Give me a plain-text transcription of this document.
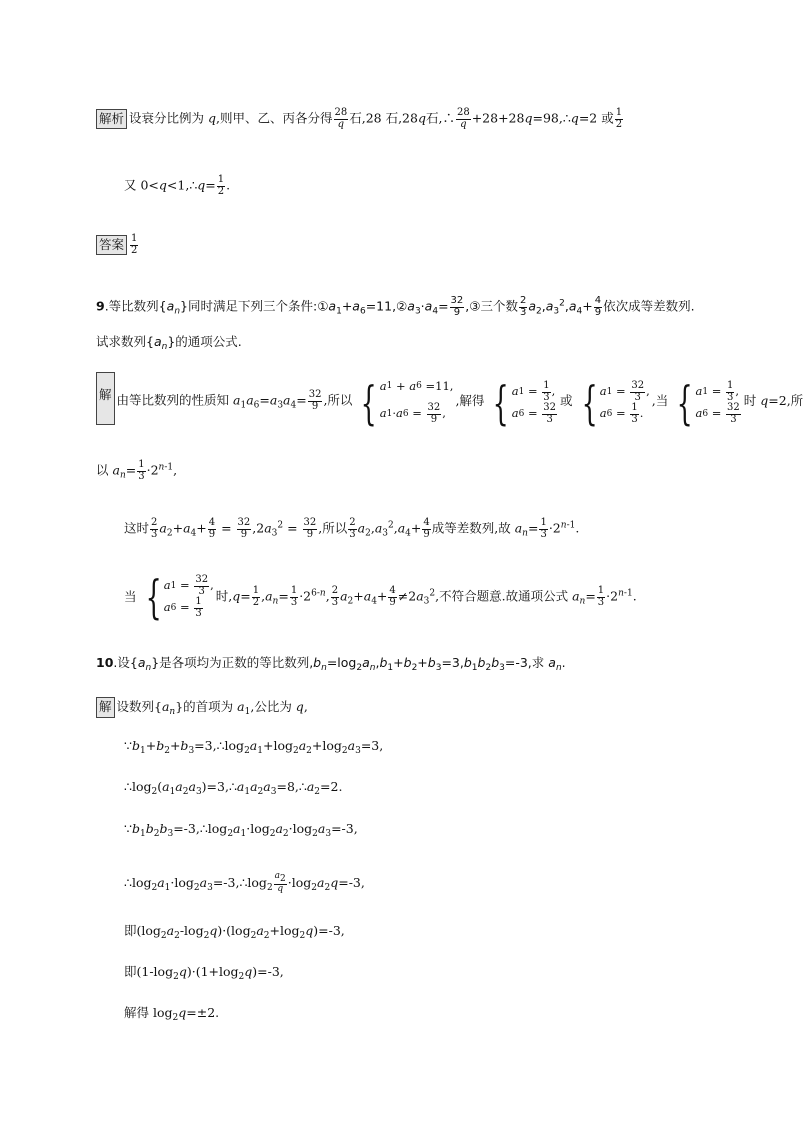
解析 设衰分比例为 q,则甲、乙、丙各分得 $\frac{28}{q}$ 石,28 石,28q石,∴ $\frac{28}{q}$ +28+28q=98,∴q=2 或 $\frac{1}{2}$
又 0<q<1,∴q= $\frac{1}{2}$ .
答案 $\frac{1}{2}$
9.等比数列$\{a_n\}$同时满足下列三个条件$:①a_1+a_6=11,②a_3\cdot a_4= \frac{32}{9}$ ,③三个数 $\frac{2}{3} a_2,a_3^2,a_4+ \frac{4}{9}$ 依次成等差数列.
试求数列$\{a_n\}$的通项公式.
解 由等比数列的性质知 $a_1a_6=a_3a_4= \frac{32}{9}$ ,所以 { a 1 + a 6
=11,
a 1 · a $6 = \frac{32}{9}$ ,
,解得 { a $1 = \frac{1}{3}$ ,
a $6 = \frac{32}{3}$
或 { a $1 = \frac{32}{3}$ ,
a $6 = \frac{1}{3}$ .
,当 { a $1 = \frac{1}{3}$ ,
a $6 = \frac{32}{3}$
时 q=2,所
以 $a_n= \frac{1}{3} \cdot 2^{n-1}$,
这时 $\frac{2}{3} a_2+a_4+ \frac{4}{9} = \frac{32}{9} ,2a_3^2 = \frac{32}{9}$ ,所以 $\frac{2}{3} a_2,a_3^2,a_4+ \frac{4}{9}$ 成等差数列,故 $a_n= \frac{1}{3} \cdot 2^{n-1}$.
当 { a $1 = \frac{32}{3}$ ,
a $6 = \frac{1}{3}$
时$,q= \frac{1}{2} ,a_n= \frac{1}{3} \cdot 2^{6-n}$, $\frac{2}{3} a_2+a_4+ \frac{4}{9} \ne 2a_3^2$,不符合题意.故通项公式 $a_n= \frac{1}{3} \cdot 2^{n-1}$.
10.设$\{a_n\}$是各项均为正数的等比数列$,b_n=\log_2a_n,b_1+b_2+b_3=3,b_1b_2b_3=-3$,求 $a_n$.
解 设数列$\{a_n\}$的首项为 $a_1$,公比为 q,
$\because b_1+b_2+b_3=3,\therefore\log_2a_1+\log_2a_2+\log_2a_3=3$,
$\therefore\log_2(a_1a_2a_3)=3,\therefore a_1a_2a_3=8,\therefore a_2=2$.
$\because b_1b_2b_3=-3,\therefore\log_2a_1\cdot\log_2a_2\cdot\log_2a_3=-3$,
$\therefore\log_2a_1\cdot\log_2a_3=-3,\therefore\log_2 \frac{a_2}{q} \cdot\log_2a_2q=-3$,
即$(\log_2a_2-\log_2q)\cdot(\log_2a_2+\log_2q)=-3$,
即$(1-\log_2q)\cdot(1+\log_2q)=-3$,
解得 $\log_2q=\pm 2$.
